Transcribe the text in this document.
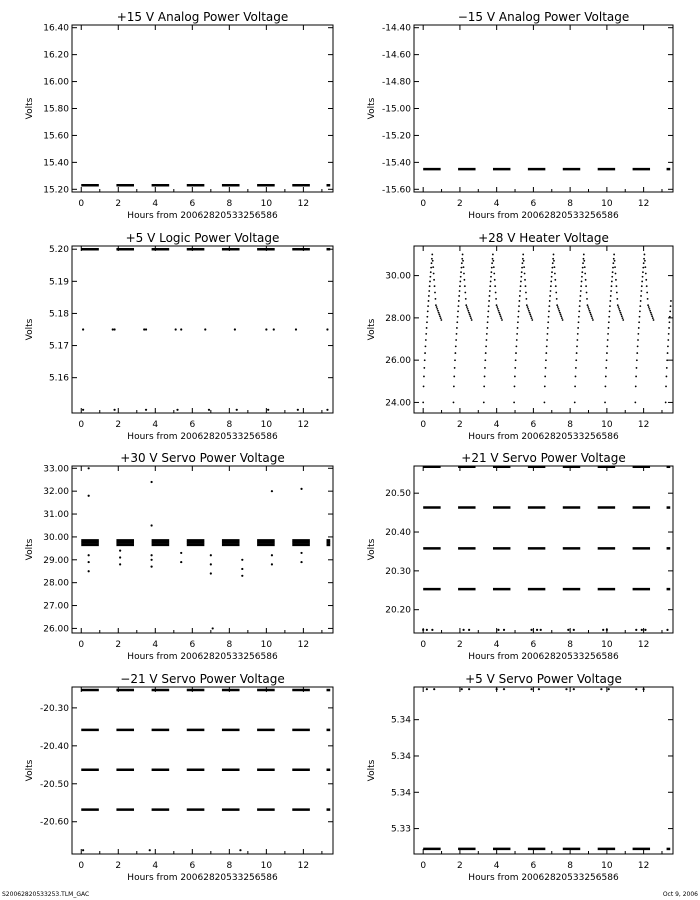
+15 V Analog Power Voltage
0	2	4	6	8	10	12
15.20
15.40
15.60
15.80
16.00
16.20
16.40
Hours from 20062820533256586
Volts
−15 V Analog Power Voltage
0	2	4	6	8	10	12
-15.60
-15.40
-15.20
-15.00
-14.80
-14.60
-14.40
Hours from 20062820533256586
Volts
+5 V Logic Power Voltage
0	2	4	6	8	10	12
5.16
5.17
5.18
5.19
5.20
Hours from 20062820533256586
Volts
+28 V Heater Voltage
0	2	4	6	8	10	12
24.00
26.00
28.00
30.00
Hours from 20062820533256586
Volts
+30 V Servo Power Voltage
0	2	4	6	8	10	12
26.00
27.00
28.00
29.00
30.00
31.00
32.00
33.00
Hours from 20062820533256586
Volts
+21 V Servo Power Voltage
0	2	4	6	8	10	12
20.20
20.30
20.40
20.50
Hours from 20062820533256586
Volts
−21 V Servo Power Voltage
0	2	4	6	8	10	12
-20.60
-20.50
-20.40
-20.30
Hours from 20062820533256586
Volts
+5 V Servo Power Voltage
0	2	4	6	8	10	12
5.33
5.34
5.34
5.34
Hours from 20062820533256586
Volts
S20062820533253.TLM_GAC	Oct 9, 2006
